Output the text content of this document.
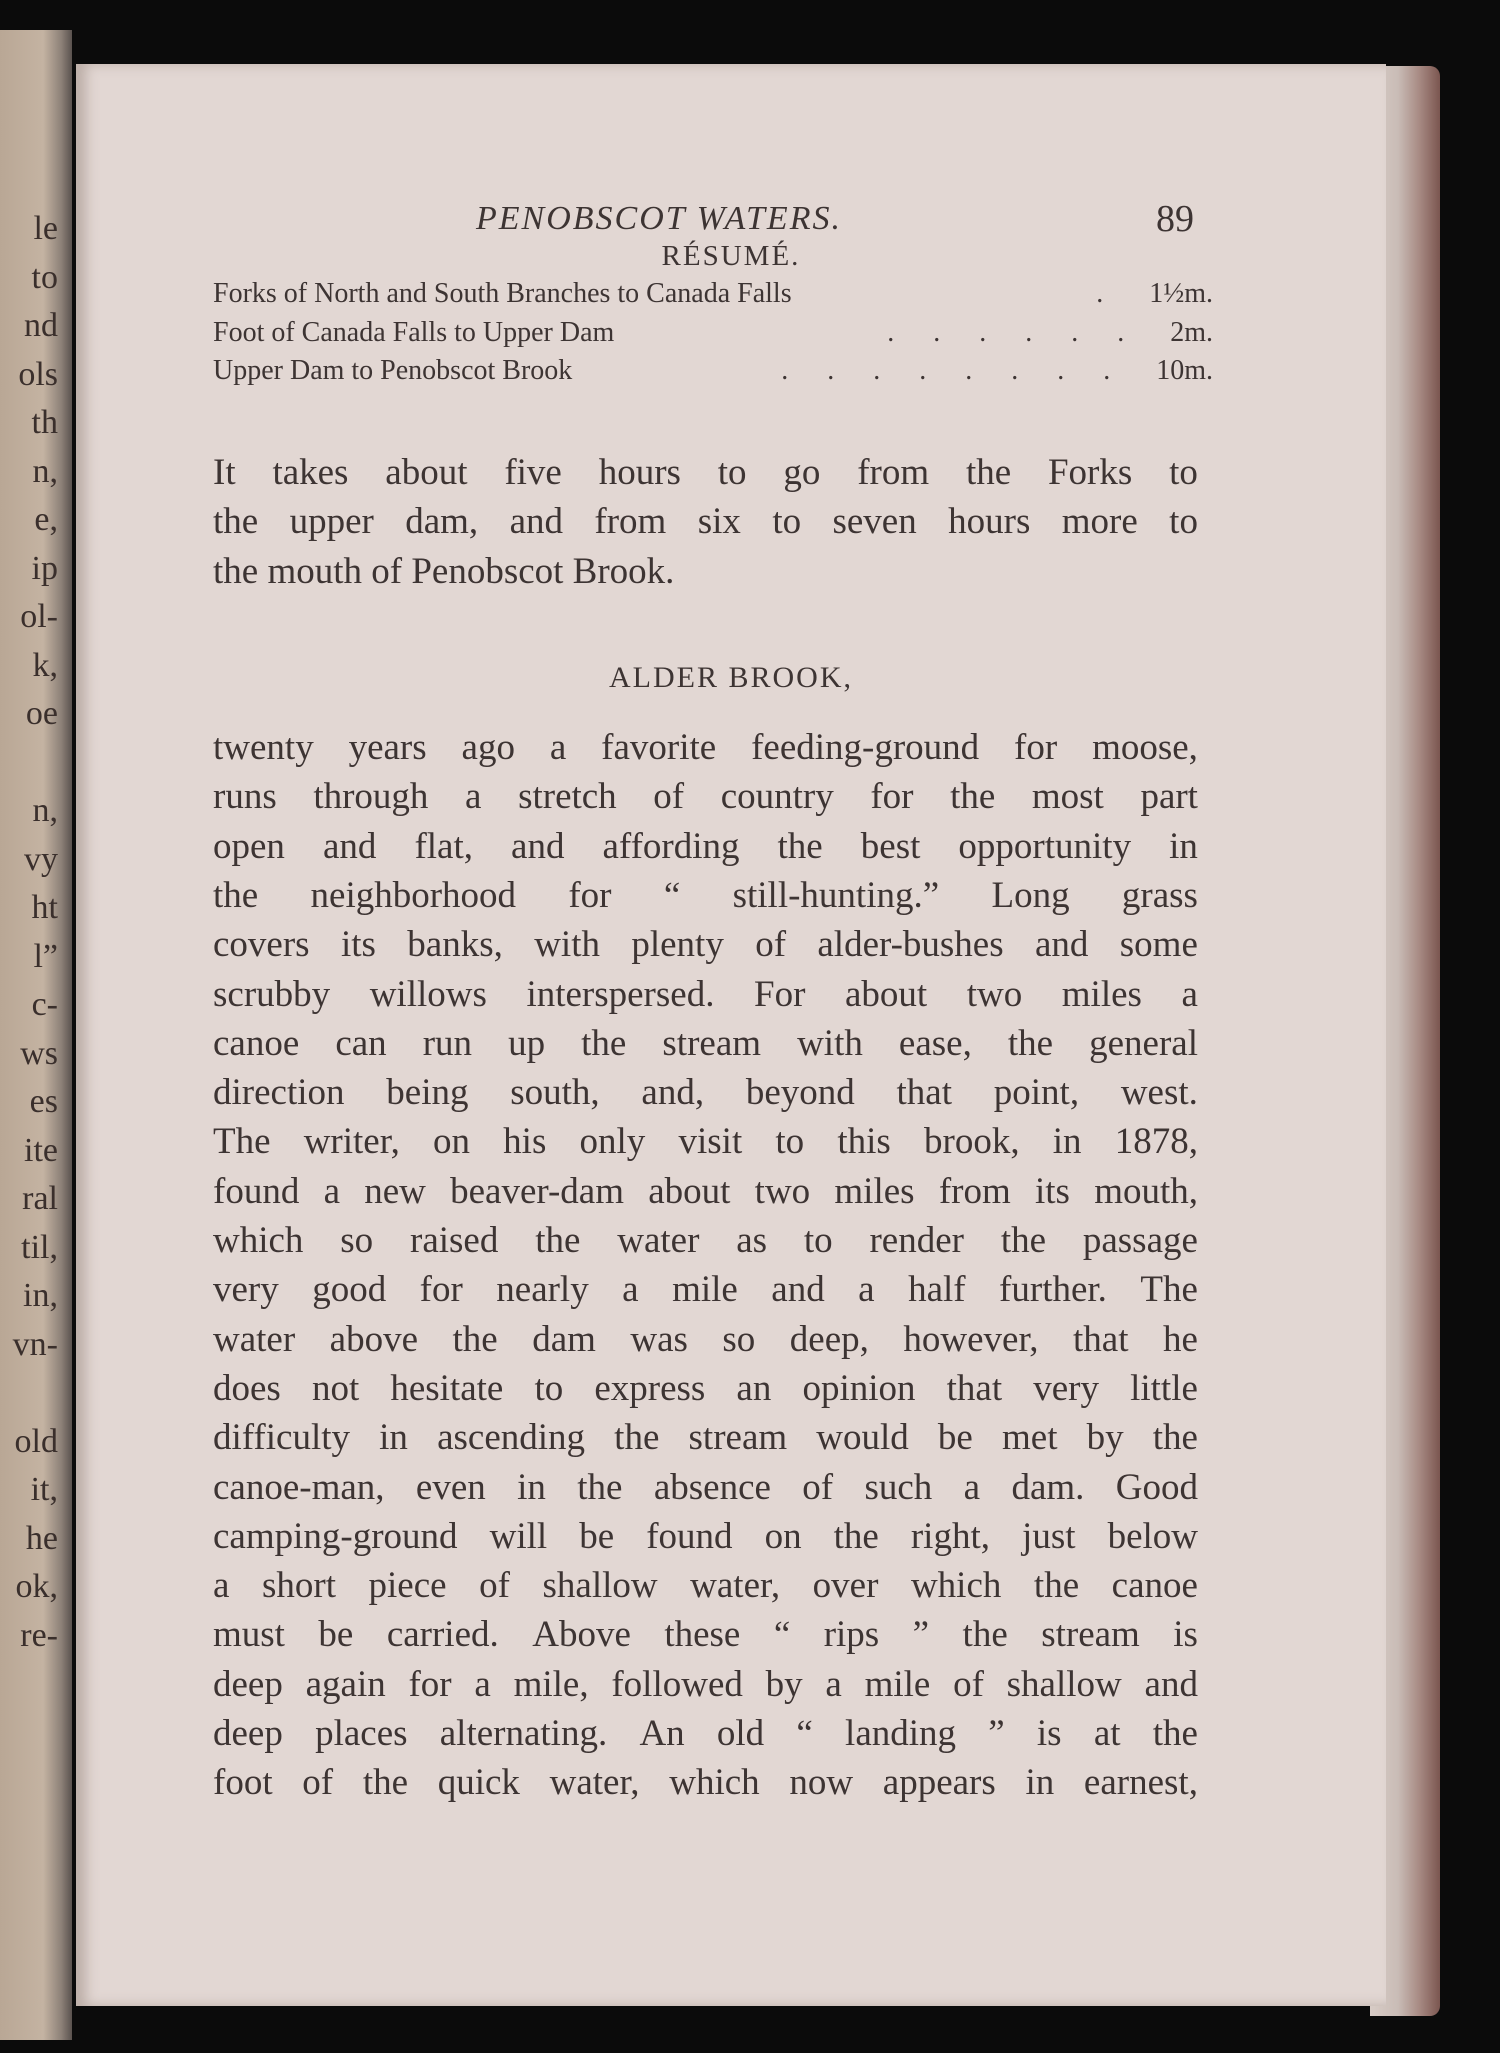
le
to
nd
ols
th
n,
e,
ip
ol-
k,
oe
n,
vy
ht
l”
c-
ws
es
ite
ral
til,
in,
vn-
old
it,
he
ok,
re-
PENOBSCOT WATERS.	89
RÉSUMÉ.
Forks of North and South Branches to Canada Falls	. 1½m.
Foot of Canada Falls to Upper Dam	. . . . . . 2m.
Upper Dam to Penobscot Brook	. . . . . . . . 10m.
It takes about five hours to go from the Forks to
the upper dam, and from six to seven hours more to
the mouth of Penobscot Brook.
ALDER BROOK,
twenty years ago a favorite feeding-ground for moose,
runs through a stretch of country for the most part
open and flat, and affording the best opportunity in
the neighborhood for “ still-hunting.” Long grass
covers its banks, with plenty of alder-bushes and some
scrubby willows interspersed. For about two miles a
canoe can run up the stream with ease, the general
direction being south, and, beyond that point, west.
The writer, on his only visit to this brook, in 1878,
found a new beaver-dam about two miles from its mouth,
which so raised the water as to render the passage
very good for nearly a mile and a half further. The
water above the dam was so deep, however, that he
does not hesitate to express an opinion that very little
difficulty in ascending the stream would be met by the
canoe-man, even in the absence of such a dam. Good
camping-ground will be found on the right, just below
a short piece of shallow water, over which the canoe
must be carried. Above these “ rips ” the stream is
deep again for a mile, followed by a mile of shallow and
deep places alternating. An old “ landing ” is at the
foot of the quick water, which now appears in earnest,
